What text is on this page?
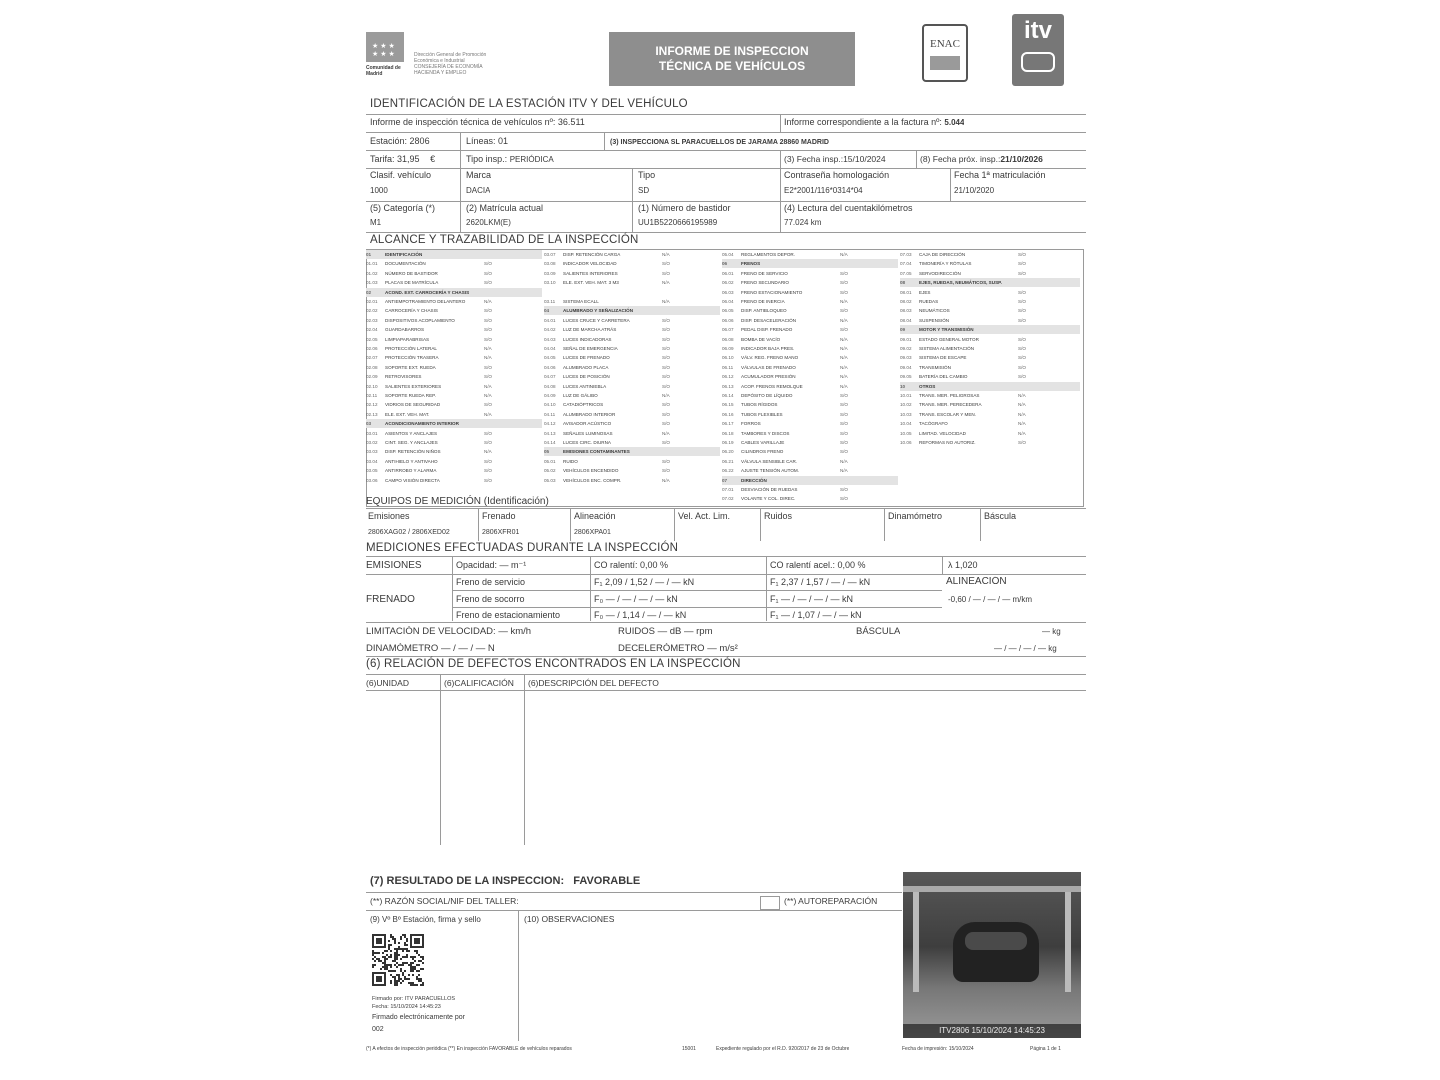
★★★
★★★
Comunidad de Madrid
Dirección General de Promoción
Económica e Industrial
CONSEJERÍA DE ECONOMÍA
HACIENDA Y EMPLEO
INFORME DE INSPECCION TÉCNICA DE VEHÍCULOS
ENAC	itv
IDENTIFICACIÓN DE LA ESTACIÓN ITV Y DEL VEHÍCULO
Informe de inspección técnica de vehículos nº: 36.511	Informe correspondiente a la factura nº: 5.044
Estación: 2806	Líneas: 01	(3) INSPECCIONA SL PARACUELLOS DE JARAMA 28860 MADRID
Tarifa: 31,95 €	Tipo insp.: PERIÓDICA	(3) Fecha insp.:15/10/2024	(8) Fecha próx. insp.:21/10/2026
Clasif. vehículo
1000
Marca
DACIA
Tipo
SD
Contraseña homologación
E2*2001/116*0314*04
Fecha 1ª matriculación
21/10/2020
(5) Categoría (*)
M1
(2) Matrícula actual
2620LKM(E)
(1) Número de bastidor
UU1B5220666195989
(4) Lectura del cuentakilómetros
77.024 km
ALCANCE Y TRAZABILIDAD DE LA INSPECCIÓN
01	IDENTIFICACIÓN
01.01	DOCUMENTACIÓN	S/O
01.02	NÚMERO DE BASTIDOR	S/O
01.03	PLACAS DE MATRÍCULA	S/O
02	ACOND. EXT. CARROCERÍA Y CHASIS
02.01	ANTIEMPOTRAMIENTO DELANTERO	N/A
02.02	CARROCERÍA Y CHASIS	S/O
02.03	DISPOSITIVOS ACOPLAMIENTO	S/O
02.04	GUARDABARROS	S/O
02.05	LIMPIAPARABRISAS	S/O
02.06	PROTECCIÓN LATERAL	N/A
02.07	PROTECCIÓN TRASERA	N/A
02.08	SOPORTE EXT. RUEDA	S/O
02.09	RETROVISORES	S/O
02.10	SALIENTES EXTERIORES	N/A
02.11	SOPORTE RUEDA REP.	N/A
02.12	VIDRIOS DE SEGURIDAD	S/O
02.13	ELE. EXT. VEH. MAT.	N/A
03	ACONDICIONAMIENTO INTERIOR
03.01	ASIENTOS Y ANCLAJES	S/O
03.02	CINT. SEG. Y ANCLAJES	S/O
03.03	DISP. RETENCIÓN NIÑOS	N/A
03.04	ANTIHIELO Y ANTIVAHO	S/O
03.05	ANTIRROBO Y ALARMA	S/O
03.06	CAMPO VISIÓN DIRECTA	S/O
03.07	DISP. RETENCIÓN CARGA	N/A
03.08	INDICADOR VELOCIDAD	S/O
03.09	SALIENTES INTERIORES	S/O
03.10	ELE. EXT. VEH. MAT. 3 M3	N/A
03.11	SISTEMA ECALL	N/A
04	ALUMBRADO Y SEÑALIZACIÓN
04.01	LUCES CRUCE Y CARRETERA	S/O
04.02	LUZ DE MARCHA ATRÁS	S/O
04.03	LUCES INDICADORAS	S/O
04.04	SEÑAL DE EMERGENCIA	S/O
04.05	LUCES DE FRENADO	S/O
04.06	ALUMBRADO PLACA	S/O
04.07	LUCES DE POSICIÓN	S/O
04.08	LUCES ANTINIEBLA	S/O
04.09	LUZ DE GÁLIBO	N/A
04.10	CATADIÓPTRICOS	S/O
04.11	ALUMBRADO INTERIOR	S/O
04.12	AVISADOR ACÚSTICO	S/O
04.13	SEÑALES LUMINOSAS	N/A
04.14	LUCES CIRC. DIURNA	S/O
05	EMISIONES CONTAMINANTES
05.01	RUIDO	S/O
05.02	VEHÍCULOS ENCENDIDO	S/O
05.03	VEHÍCULOS ENC. COMPR.	N/A
05.04	REGLAMENTOS DEPOR.	N/A
06	FRENOS
06.01	FRENO DE SERVICIO	S/O
06.02	FRENO SECUNDARIO	S/O
06.03	FRENO ESTACIONAMIENTO	S/O
06.04	FRENO DE INERCIA	N/A
06.05	DISP. ANTIBLOQUEO	S/O
06.06	DISP. DESACELERACIÓN	N/A
06.07	PEDAL DISP. FRENADO	S/O
06.08	BOMBA DE VACÍO	N/A
06.09	INDICADOR BAJA PRES.	N/A
06.10	VÁLV. REG. FRENO MANO	N/A
06.11	VÁLVULAS DE FRENADO	N/A
06.12	ACUMULADOR PRESIÓN	N/A
06.13	ACOP. FRENOS REMOLQUE	N/A
06.14	DEPÓSITO DE LÍQUIDO	S/O
06.15	TUBOS RÍGIDOS	S/O
06.16	TUBOS FLEXIBLES	S/O
06.17	FORROS	S/O
06.18	TAMBORES Y DISCOS	S/O
06.19	CABLES VARILLAJE	S/O
06.20	CILINDROS FRENO	S/O
06.21	VÁLVULA SENSIBLE CAR.	N/A
06.22	AJUSTE TENSIÓN AUTOM.	N/A
07	DIRECCIÓN
07.01	DESVIACIÓN DE RUEDAS	S/O
07.02	VOLANTE Y COL. DIREC.	S/O
07.03	CAJA DE DIRECCIÓN	S/O
07.04	TIMONERÍA Y RÓTULAS	S/O
07.05	SERVODIRECCIÓN	S/O
08	EJES, RUEDAS, NEUMÁTICOS, SUSP.
08.01	EJES	S/O
08.02	RUEDAS	S/O
08.03	NEUMÁTICOS	S/O
08.04	SUSPENSIÓN	S/O
09	MOTOR Y TRANSMISIÓN
09.01	ESTADO GENERAL MOTOR	S/O
09.02	SISTEMA ALIMENTACIÓN	S/O
09.03	SISTEMA DE ESCAPE	S/O
09.04	TRANSMISIÓN	S/O
09.05	BATERÍA DEL CAMBIO	S/O
10	OTROS
10.01	TRANS. MER. PELIGROSAS	N/A
10.02	TRANS. MER. PERECEDERA	N/A
10.03	TRANS. ESCOLAR Y MEN.	N/A
10.04	TACÓGRAFO	N/A
10.05	LIMITAD. VELOCIDAD	N/A
10.06	REFORMAS NO AUTORIZ.	S/O
EQUIPOS DE MEDICIÓN (Identificación)
Emisiones
2806XAG02 / 2806XED02
Frenado
2806XFR01
Alineación
2806XPA01
Vel. Act. Lim.	Ruidos	Dinamómetro	Báscula
MEDICIONES EFECTUADAS DURANTE LA INSPECCIÓN
EMISIONES	Opacidad: — m⁻¹	CO ralentí: 0,00 %	CO ralentí acel.: 0,00 %	λ 1,020
FRENADO
Freno de servicio	F₁ 2,09 / 1,52 / — / — kN	F₁ 2,37 / 1,57 / — / — kN	ALINEACIÓN
-0,60 / — / — / — m/km
Freno de socorro	F₀ — / — / — / — kN	F₁ — / — / — / — kN
Freno de estacionamiento	F₀ — / 1,14 / — / — kN	F₁ — / 1,07 / — / — kN
LIMITACIÓN DE VELOCIDAD: — km/h	RUIDOS — dB — rpm	BÁSCULA	— kg
DINAMÓMETRO — / — / — N	DECELERÓMETRO — m/s²	— / — / — / — kg
(6) RELACIÓN DE DEFECTOS ENCONTRADOS EN LA INSPECCIÓN
(6)UNIDAD	(6)CALIFICACIÓN (6)DESCRIPCIÓN DEL DEFECTO
(7) RESULTADO DE LA INSPECCIÓN: FAVORABLE
(**) RAZÓN SOCIAL/NIF DEL TALLER:	(**) AUTOREPARACIÓN
(9) Vº Bº Estación, firma y sello	(10) OBSERVACIONES
Firmado por: ITV PARACUELLOS
Fecha: 15/10/2024 14:45:23
Firmado electrónicamente por
002	ITV2806 15/10/2024 14:45:23
(*) A efectos de inspección periódica (**) En inspección FAVORABLE de vehículos reparados	15001	Expediente regulado por el R.D. 920/2017 de 23 de Octubre	Fecha de impresión: 15/10/2024	Página 1 de 1
